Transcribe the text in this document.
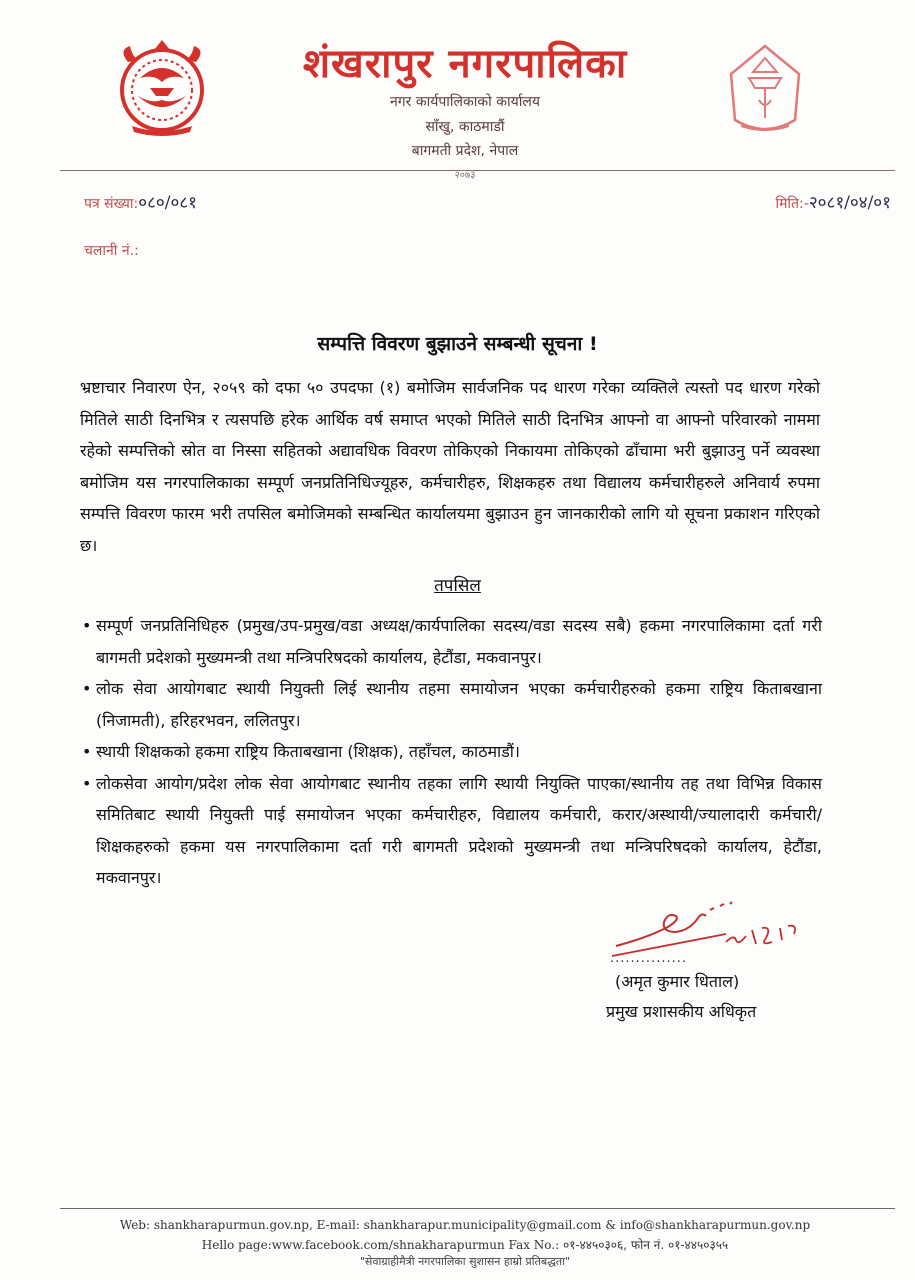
शंखरापुर नगरपालिका
नगर कार्यपालिकाको कार्यालय
साँखु, काठमाडौं
बागमती प्रदेश, नेपाल
२०७३
पत्र संख्या:०८०/०८१	मिति:-२०८१/०४/०१
चलानी नं.:
सम्पत्ति विवरण बुझाउने सम्बन्धी सूचना !
भ्रष्टाचार निवारण ऐन, २०५९ को दफा ५० उपदफा (१) बमोजिम सार्वजनिक पद धारण गरेका व्यक्तिले त्यस्तो पद धारण गरेको मितिले साठी दिनभित्र र त्यसपछि हरेक आर्थिक वर्ष समाप्त भएको मितिले साठी दिनभित्र आफ्नो वा आफ्नो परिवारको नाममा रहेको सम्पत्तिको स्रोत वा निस्सा सहितको अद्यावधिक विवरण तोकिएको निकायमा तोकिएको ढाँचामा भरी बुझाउनु पर्ने व्यवस्था बमोजिम यस नगरपालिकाका सम्पूर्ण जनप्रतिनिधिज्यूहरु, कर्मचारीहरु, शिक्षकहरु तथा विद्यालय कर्मचारीहरुले अनिवार्य रुपमा सम्पत्ति विवरण फारम भरी तपसिल बमोजिमको सम्बन्धित कार्यालयमा बुझाउन हुन जानकारीको लागि यो सूचना प्रकाशन गरिएको छ।
तपसिल
• सम्पूर्ण जनप्रतिनिधिहरु (प्रमुख/उप-प्रमुख/वडा अध्यक्ष/कार्यपालिका सदस्य/वडा सदस्य सबै) हकमा नगरपालिकामा दर्ता गरी बागमती प्रदेशको मुख्यमन्त्री तथा मन्त्रिपरिषदको कार्यालय, हेटौंडा, मकवानपुर।
• लोक सेवा आयोगबाट स्थायी नियुक्ती लिई स्थानीय तहमा समायोजन भएका कर्मचारीहरुको हकमा राष्ट्रिय किताबखाना (निजामती), हरिहरभवन, ललितपुर।
• स्थायी शिक्षकको हकमा राष्ट्रिय किताबखाना (शिक्षक), तहाँचल, काठमाडौं।
• लोकसेवा आयोग/प्रदेश लोक सेवा आयोगबाट स्थानीय तहका लागि स्थायी नियुक्ति पाएका/स्थानीय तह तथा विभिन्न विकास समितिबाट स्थायी नियुक्ती पाई समायोजन भएका कर्मचारीहरु, विद्यालय कर्मचारी, करार/अस्थायी/ज्यालादारी कर्मचारी/शिक्षकहरुको हकमा यस नगरपालिकामा दर्ता गरी बागमती प्रदेशको मुख्यमन्त्री तथा मन्त्रिपरिषदको कार्यालय, हेटौंडा, मकवानपुर।
...............
(अमृत कुमार धिताल)
प्रमुख प्रशासकीय अधिकृत
Web: shankharapurmun.gov.np, E-mail: shankharapur.municipality@gmail.com & info@shankharapurmun.gov.np
Hello page:www.facebook.com/shnakharapurmun Fax No.: ०१-४४५०३०६, फोन नं. ०१-४४५०३५५
"सेवाग्राहीमैत्री नगरपालिका सुशासन हाम्रो प्रतिबद्धता"
